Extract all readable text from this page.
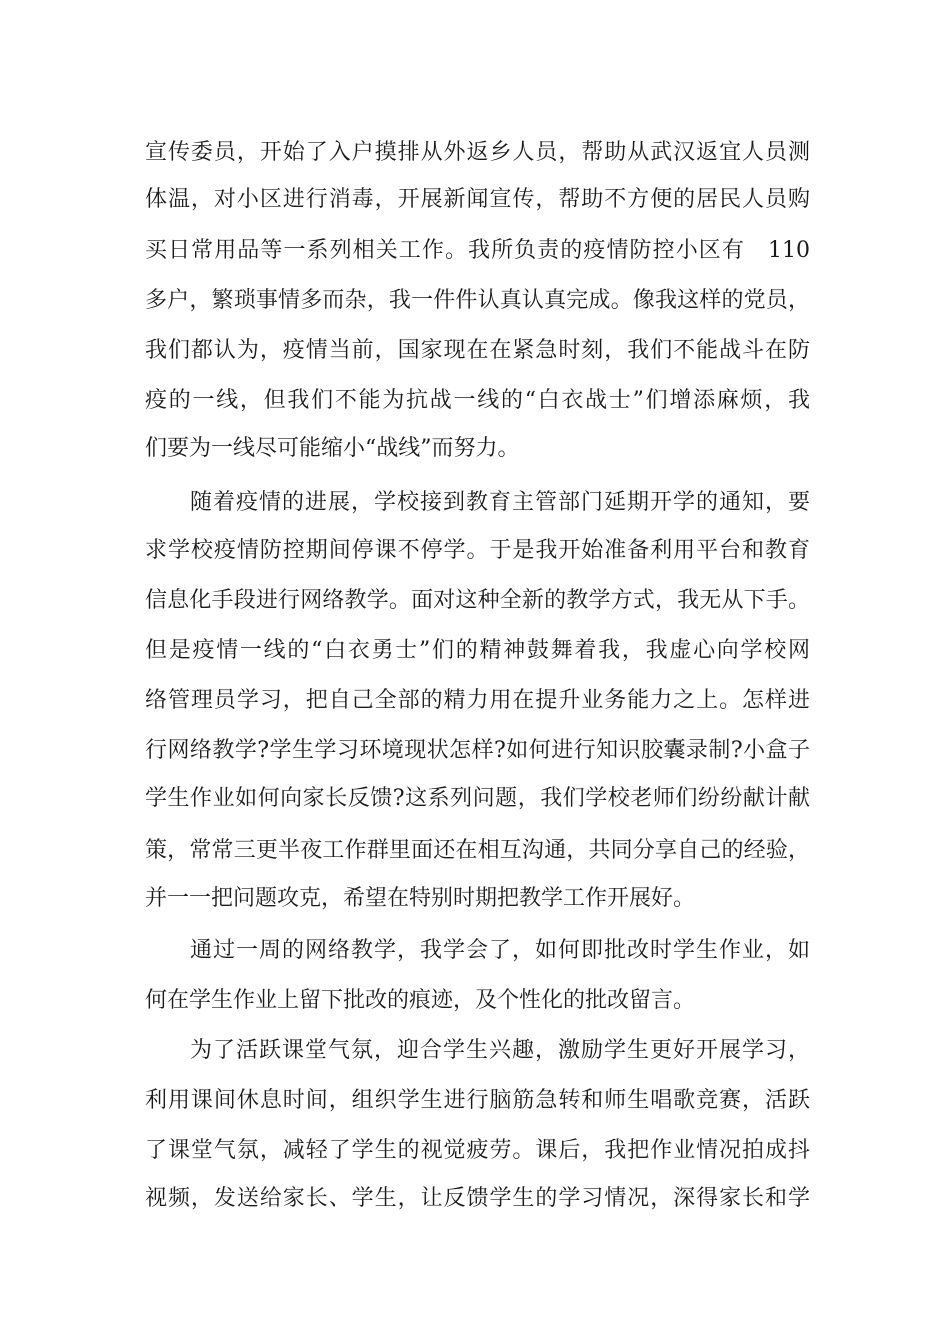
宣传委员，开始了入户摸排从外返乡人员，帮助从武汉返宜人员测
体温，对小区进行消毒，开展新闻宣传，帮助不方便的居民人员购
买日常用品等一系列相关工作。我所负责的疫情防控小区有　110
多户，繁琐事情多而杂，我一件件认真认真完成。像我这样的党员，
我们都认为，疫情当前，国家现在在紧急时刻，我们不能战斗在防
疫的一线，但我们不能为抗战一线的“白衣战士”们增添麻烦，我
们要为一线尽可能缩小“战线”而努力。
随着疫情的进展，学校接到教育主管部门延期开学的通知，要
求学校疫情防控期间停课不停学。于是我开始准备利用平台和教育
信息化手段进行网络教学。面对这种全新的教学方式，我无从下手。
但是疫情一线的“白衣勇士”们的精神鼓舞着我，我虚心向学校网
络管理员学习，把自己全部的精力用在提升业务能力之上。怎样进
行网络教学?学生学习环境现状怎样?如何进行知识胶囊录制?小盒子
学生作业如何向家长反馈?这系列问题，我们学校老师们纷纷献计献
策，常常三更半夜工作群里面还在相互沟通，共同分享自己的经验，
并一一把问题攻克，希望在特别时期把教学工作开展好。
通过一周的网络教学，我学会了，如何即批改时学生作业，如
何在学生作业上留下批改的痕迹，及个性化的批改留言。
为了活跃课堂气氛，迎合学生兴趣，激励学生更好开展学习，
利用课间休息时间，组织学生进行脑筋急转和师生唱歌竞赛，活跃
了课堂气氛，减轻了学生的视觉疲劳。课后，我把作业情况拍成抖
视频，发送给家长、学生，让反馈学生的学习情况，深得家长和学
